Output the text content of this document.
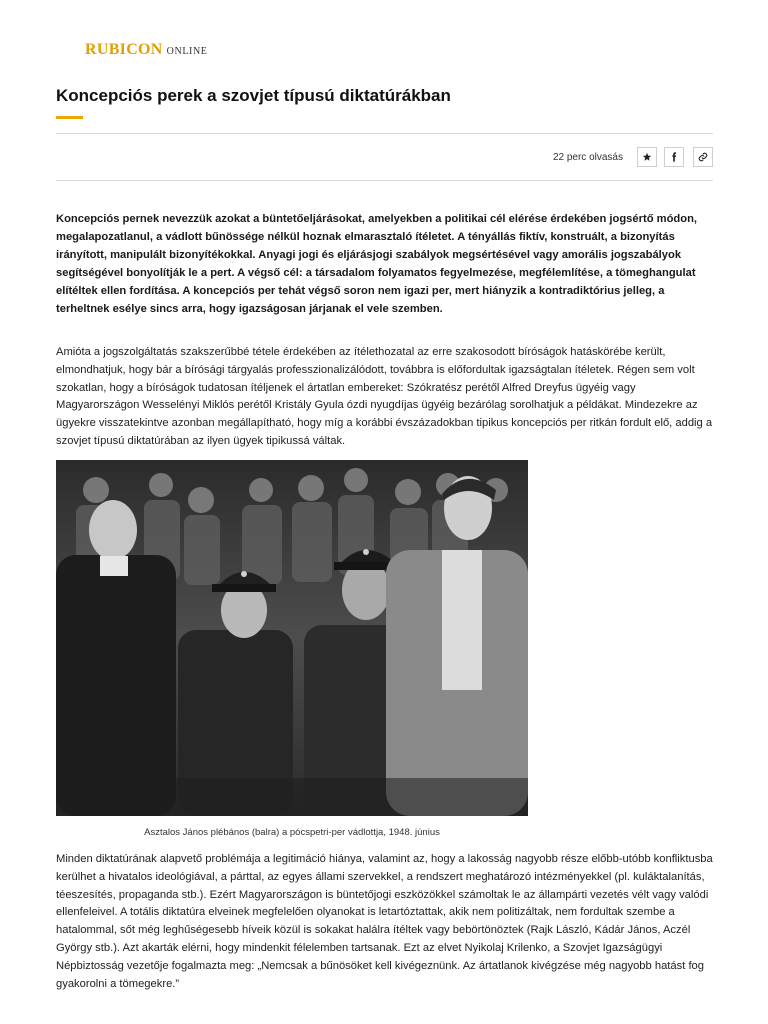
RUBICON ONLINE
Koncepciós perek a szovjet típusú diktatúrákban
22 perc olvasás

Koncepciós pernek nevezzük azokat a büntetőeljárásokat, amelyekben a politikai cél elérése érdekében jogsértő módon, megalapozatlanul, a vádlott bűnössége nélkül hoznak elmarasztaló ítéletet. A tényállás fiktív, konstruált, a bizonyítás irányított, manipulált bizonyítékokkal. Anyagi jogi és eljárásjogi szabályok megsértésével vagy amorális jogszabályok segítségével bonyolítják le a pert. A végső cél: a társadalom folyamatos fegyelmezése, megfélemlítése, a tömeghangulat elítéltek ellen fordítása. A koncepciós per tehát végső soron nem igazi per, mert hiányzik a kontradiktórius jelleg, a terheltnek esélye sincs arra, hogy igazságosan járjanak el vele szemben.

Amióta a jogszolgáltatás szakszerűbbé tétele érdekében az ítélethozatal az erre szakosodott bíróságok hatáskörébe került, elmondhatjuk, hogy bár a bírósági tárgyalás professzionalizálódott, továbbra is előfordultak igazságtalan ítéletek. Régen sem volt szokatlan, hogy a bíróságok tudatosan ítéljenek el ártatlan embereket: Szókratész perétől Alfred Dreyfus ügyéig vagy Magyarországon Wesselényi Miklós perétől Kristály Gyula ózdi nyugdíjas ügyéig bezárólag sorolhatjuk a példákat. Mindezekre az ügyekre visszatekintve azonban megállapítható, hogy míg a korábbi évszázadokban tipikus koncepciós per ritkán fordult elő, addig a szovjet típusú diktatúrában az ilyen ügyek tipikussá váltak.

Asztalos János plébános (balra) a pócspetri-per vádlottja, 1948. június

Minden diktatúrának alapvető problémája a legitimáció hiánya, valamint az, hogy a lakosság nagyobb része előbb-utóbb konfliktusba kerülhet a hivatalos ideológiával, a párttal, az egyes állami szervekkel, a rendszert meghatározó intézményekkel (pl. kuláktalanítás, téeszesítés, propaganda stb.). Ezért Magyarországon is büntetőjogi eszközökkel számoltak le az állampárti vezetés vélt vagy valódi ellenfeleivel. A totális diktatúra elveinek megfelelően olyanokat is letartóztattak, akik nem politizáltak, nem fordultak szembe a hatalommal, sőt még leghűségesebb híveik közül is sokakat halálra ítéltek vagy bebörtönöztek (Rajk László, Kádár János, Aczél György stb.). Azt akarták elérni, hogy mindenkit félelemben tartsanak. Ezt az elvet Nyikolaj Krilenko, a Szovjet Igazságügyi Népbiztosság vezetője fogalmazta meg: „Nemcsak a bűnösöket kell kivégeznünk. Az ártatlanok kivégzése még nagyobb hatást fog gyakorolni a tömegekre.”
